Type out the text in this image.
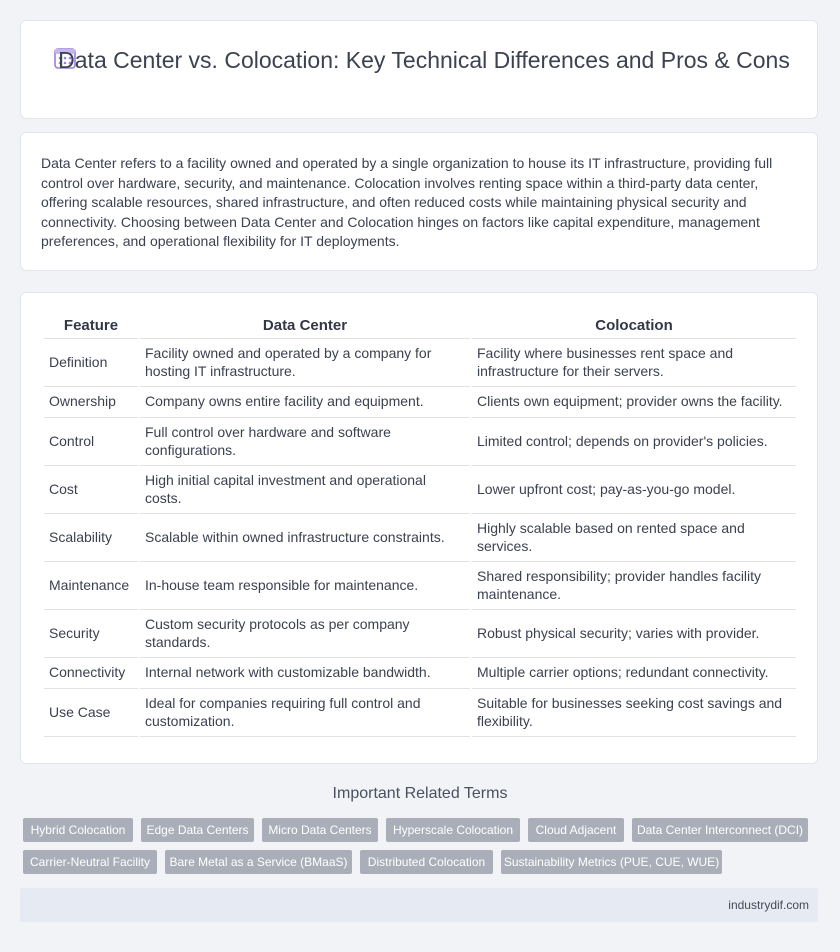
Data Center vs. Colocation: Key Technical Differences and Pros & Cons
Data Center refers to a facility owned and operated by a single organization to house its IT infrastructure, providing full control over hardware, security, and maintenance. Colocation involves renting space within a third-party data center, offering scalable resources, shared infrastructure, and often reduced costs while maintaining physical security and connectivity. Choosing between Data Center and Colocation hinges on factors like capital expenditure, management preferences, and operational flexibility for IT deployments.
Feature	Data Center	Colocation
Definition	Facility owned and operated by a company for hosting IT infrastructure.	Facility where businesses rent space and infrastructure for their servers.
Ownership	Company owns entire facility and equipment.	Clients own equipment; provider owns the facility.
Control	Full control over hardware and software configurations.	Limited control; depends on provider's policies.
Cost	High initial capital investment and operational costs.	Lower upfront cost; pay-as-you-go model.
Scalability	Scalable within owned infrastructure constraints.	Highly scalable based on rented space and services.
Maintenance	In-house team responsible for maintenance.	Shared responsibility; provider handles facility maintenance.
Security	Custom security protocols as per company standards.	Robust physical security; varies with provider.
Connectivity	Internal network with customizable bandwidth.	Multiple carrier options; redundant connectivity.
Use Case	Ideal for companies requiring full control and customization.	Suitable for businesses seeking cost savings and flexibility.
Important Related Terms
Hybrid Colocation	Edge Data Centers	Micro Data Centers	Hyperscale Colocation	Cloud Adjacent	Data Center Interconnect (DCI)
Carrier-Neutral Facility	Bare Metal as a Service (BMaaS)	Distributed Colocation	Sustainability Metrics (PUE, CUE, WUE)
industrydif.com
